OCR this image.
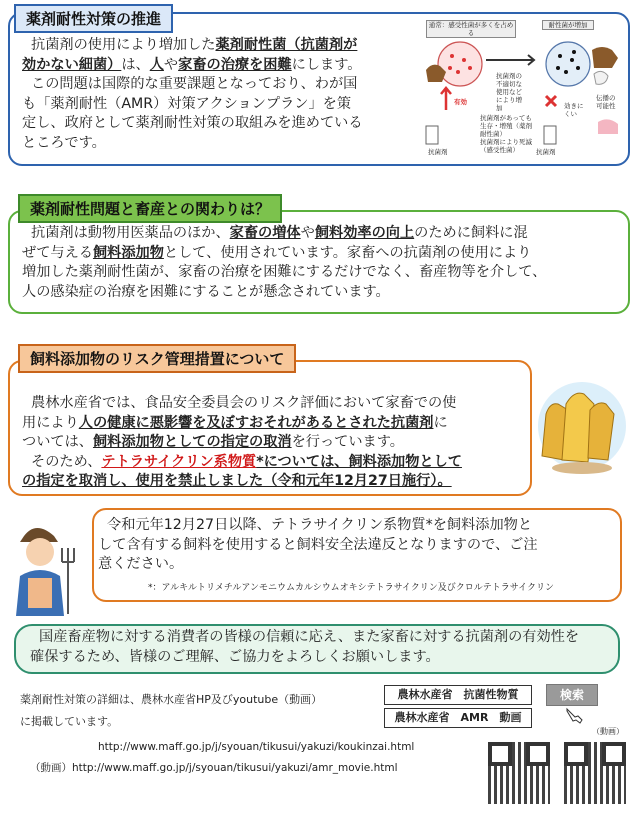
薬剤耐性対策の推進
抗菌剤の使用により増加した薬剤耐性菌（抗菌剤が
効かない細菌）は、人や家畜の治療を困難にします。
この問題は国際的な重要課題となっており、わが国
も「薬剤耐性（AMR）対策アクションプラン」を策
定し、政府として薬剤耐性対策の取組みを進めている
ところです。
通常：感受性菌が多くを占める
耐性菌が増加
抗菌剤の不適切な使用などにより増加
有効
抗菌剤があっても生存・増殖（薬剤耐性菌）
抗菌剤により死滅（感受性菌）
効きにくい
伝播の可能性
抗菌剤	抗菌剤
薬剤耐性問題と畜産との関わりは？
抗菌剤は動物用医薬品のほか、家畜の増体や飼料効率の向上のために飼料に混
ぜて与える飼料添加物として、使用されています。家畜への抗菌剤の使用により
増加した薬剤耐性菌が、家畜の治療を困難にするだけでなく、畜産物等を介して、
人の感染症の治療を困難にすることが懸念されています。
飼料添加物のリスク管理措置について
農林水産省では、食品安全委員会のリスク評価において家畜での使
用により人の健康に悪影響を及ぼすおそれがあるとされた抗菌剤に
ついては、飼料添加物としての指定の取消を行っています。
そのため、テトラサイクリン系物質*については、飼料添加物として
の指定を取消し、使用を禁止しました（令和元年12月27日施行）。
令和元年12月27日以降、テトラサイクリン系物質*を飼料添加物と
して含有する飼料を使用すると飼料安全法違反となりますので、ご注
意ください。
*：アルキルトリメチルアンモニウムカルシウムオキシテトラサイクリン及びクロルテトラサイクリン
国産畜産物に対する消費者の皆様の信頼に応え、また家畜に対する抗菌剤の有効性を
確保するため、皆様のご理解、ご協力をよろしくお願いします。
薬剤耐性対策の詳細は、農林水産省HP及びyoutube（動画）
に掲載しています。
農林水産省　抗菌性物質
農林水産省　AMR　動画
検索
（動画）
http://www.maff.go.jp/j/syouan/tikusui/yakuzi/koukinzai.html
（動画）http://www.maff.go.jp/j/syouan/tikusui/yakuzi/amr_movie.html
